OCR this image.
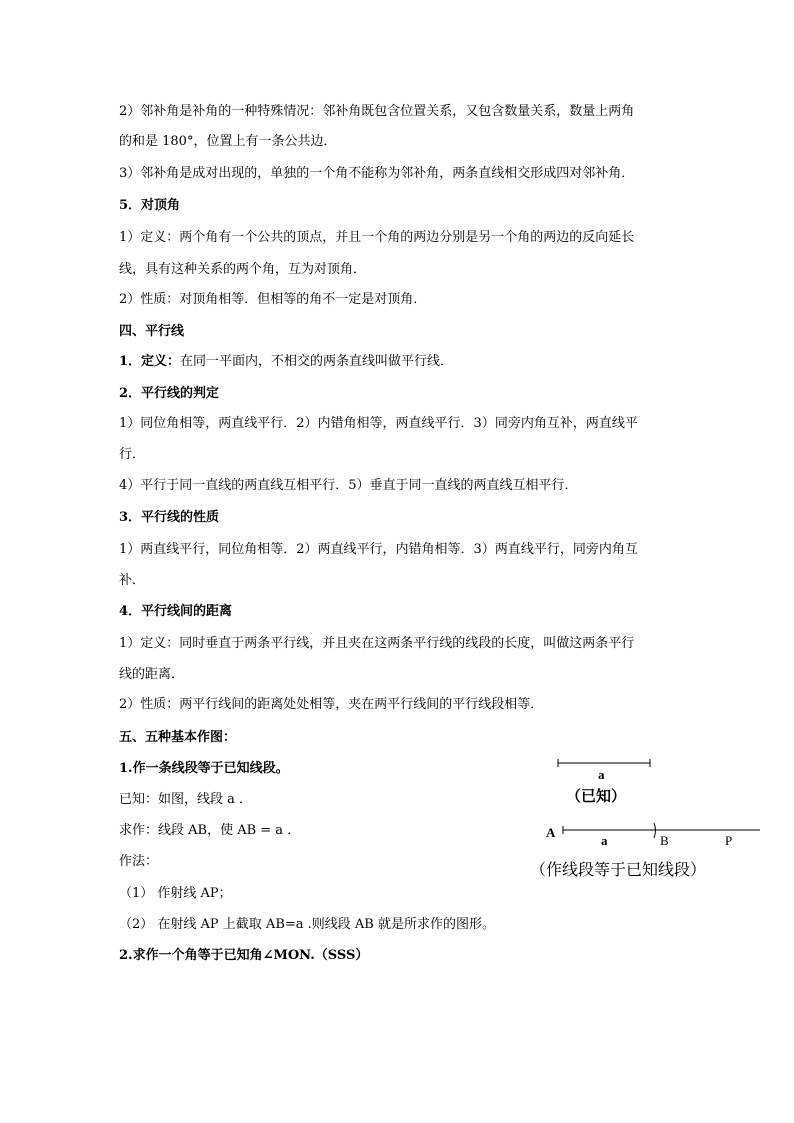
2）邻补角是补角的一种特殊情况：邻补角既包含位置关系，又包含数量关系，数量上两角
的和是 180°，位置上有一条公共边．
3）邻补角是成对出现的，单独的一个角不能称为邻补角，两条直线相交形成四对邻补角．
5．对顶角
1）定义：两个角有一个公共的顶点，并且一个角的两边分别是另一个角的两边的反向延长
线，具有这种关系的两个角，互为对顶角．
2）性质：对顶角相等．但相等的角不一定是对顶角．
四、平行线
1．定义：在同一平面内，不相交的两条直线叫做平行线．
2．平行线的判定
1）同位角相等，两直线平行．2）内错角相等，两直线平行．3）同旁内角互补，两直线平
行．
4）平行于同一直线的两直线互相平行．5）垂直于同一直线的两直线互相平行．
3．平行线的性质
1）两直线平行，同位角相等．2）两直线平行，内错角相等．3）两直线平行，同旁内角互
补．
4．平行线间的距离
1）定义：同时垂直于两条平行线，并且夹在这两条平行线的线段的长度，叫做这两条平行
线的距离．
2）性质：两平行线间的距离处处相等，夹在两平行线间的平行线段相等．
五、五种基本作图：
1.作一条线段等于已知线段。
已知：如图，线段 a ．
求作：线段 AB，使 AB = a ．
作法：
（1） 作射线 AP；
（2） 在射线 AP 上截取 AB=a .则线段 AB 就是所求作的图形。
2.求作一个角等于已知角∠MON.（SSS）
a
（已知）
A
a	B	P
（作线段等于已知线段）
